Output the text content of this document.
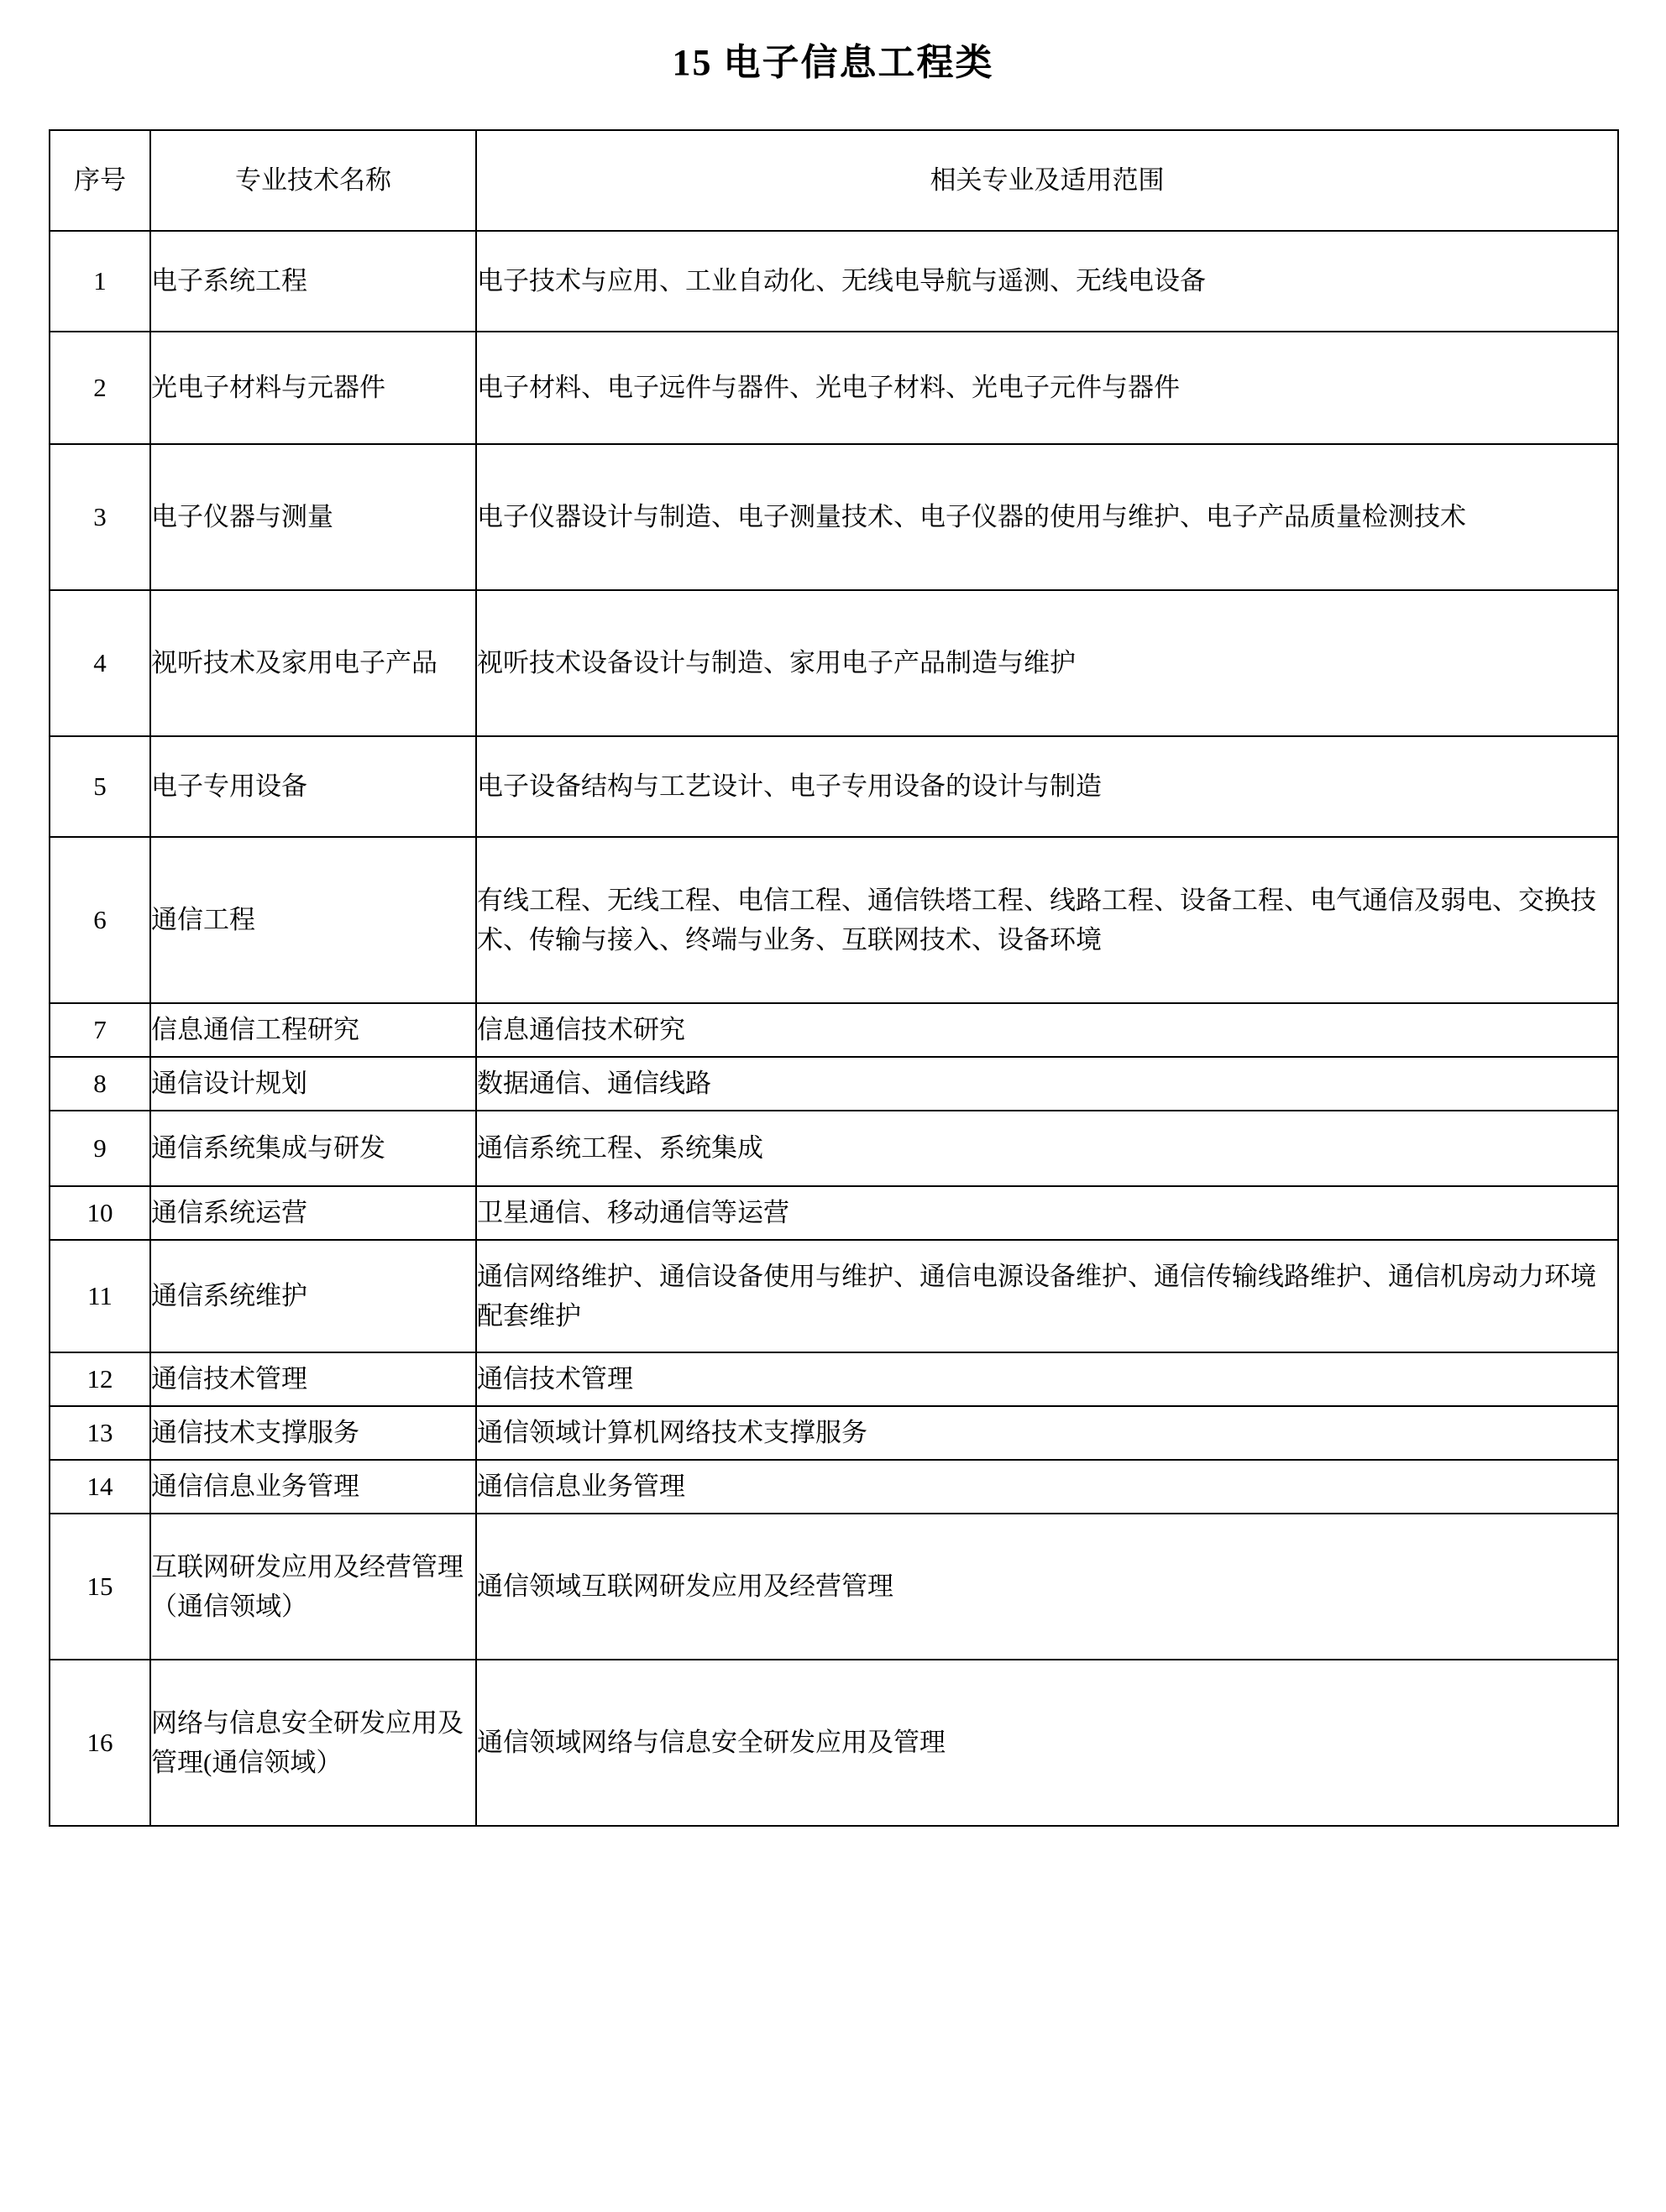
15 电子信息工程类
序号	专业技术名称	相关专业及适用范围
1	电子系统工程	电子技术与应用、工业自动化、无线电导航与遥测、无线电设备
2	光电子材料与元器件	电子材料、电子远件与器件、光电子材料、光电子元件与器件
3	电子仪器与测量	电子仪器设计与制造、电子测量技术、电子仪器的使用与维护、电子产品质量检测技术
4	视听技术及家用电子产品	视听技术设备设计与制造、家用电子产品制造与维护
5	电子专用设备	电子设备结构与工艺设计、电子专用设备的设计与制造
6	通信工程	有线工程、无线工程、电信工程、通信铁塔工程、线路工程、设备工程、电气通信及弱电、交换技术、传输与接入、终端与业务、互联网技术、设备环境
7	信息通信工程研究	信息通信技术研究
8	通信设计规划	数据通信、通信线路
9	通信系统集成与研发	通信系统工程、系统集成
10	通信系统运营	卫星通信、移动通信等运营
11	通信系统维护	通信网络维护、通信设备使用与维护、通信电源设备维护、通信传输线路维护、通信机房动力环境配套维护
12	通信技术管理	通信技术管理
13	通信技术支撑服务	通信领域计算机网络技术支撑服务
14	通信信息业务管理	通信信息业务管理
15	互联网研发应用及经营管理（通信领域）	通信领域互联网研发应用及经营管理
16	网络与信息安全研发应用及管理(通信领域）	通信领域网络与信息安全研发应用及管理
